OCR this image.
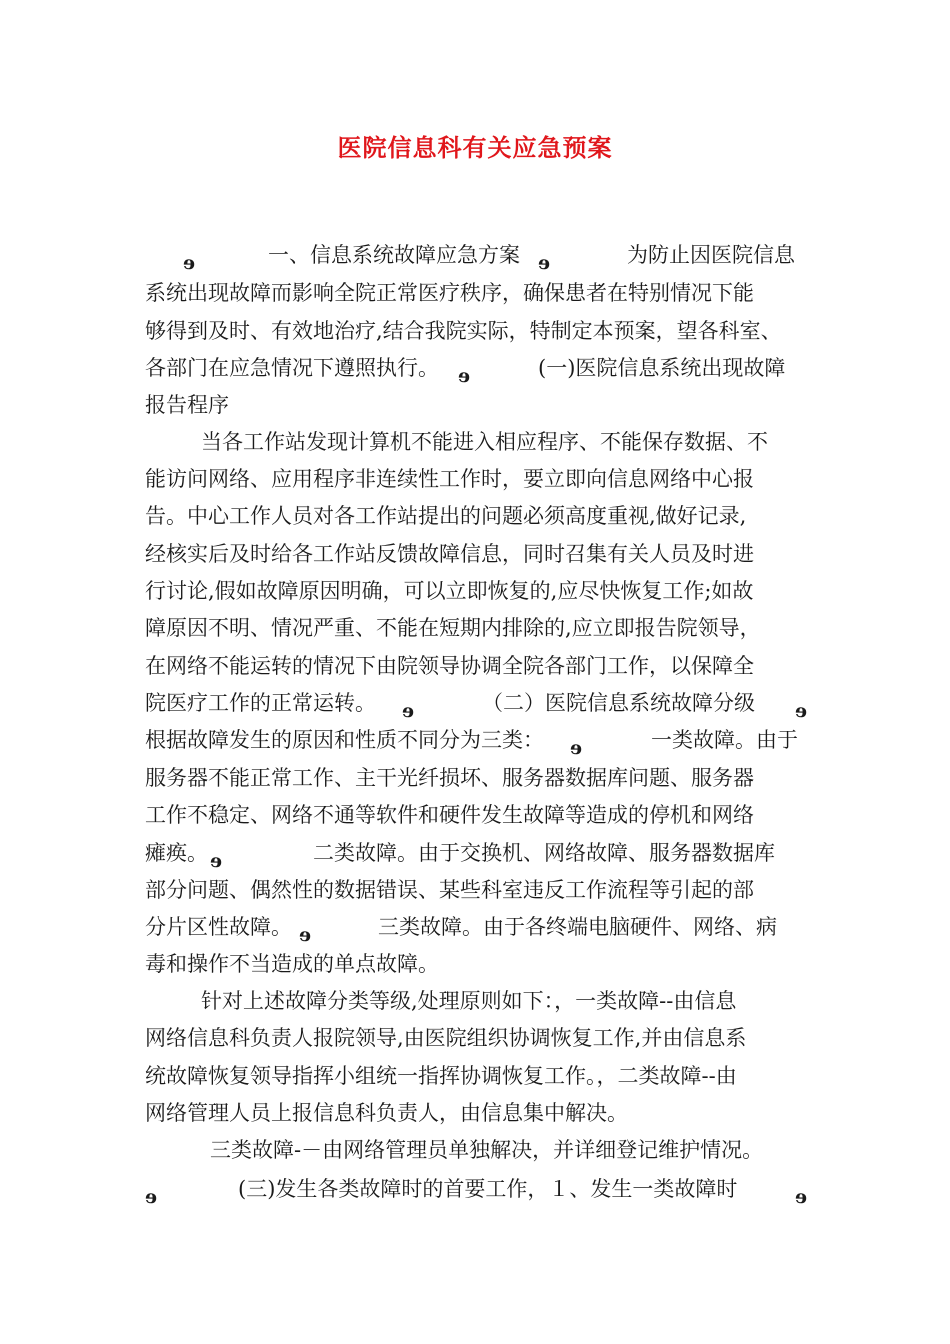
医院信息科有关应急预案
ɘ	一、信息系统故障应急方案 ɘ	为防止因医院信息
系统出现故障而影响全院正常医疗秩序，确保患者在特别情况下能
够得到及时、有效地治疗,结合我院实际，特制定本预案，望各科室、
各部门在应急情况下遵照执行。 ɘ	(一)医院信息系统出现故障
报告程序
当各工作站发现计算机不能进入相应程序、不能保存数据、不
能访问网络、应用程序非连续性工作时，要立即向信息网络中心报
告。中心工作人员对各工作站提出的问题必须高度重视,做好记录,
经核实后及时给各工作站反馈故障信息，同时召集有关人员及时进
行讨论,假如故障原因明确，可以立即恢复的,应尽快恢复工作;如故
障原因不明、情况严重、不能在短期内排除的,应立即报告院领导，
在网络不能运转的情况下由院领导协调全院各部门工作，以保障全
院医疗工作的正常运转。 ɘ	（二）医院信息系统故障分级 ɘ
根据故障发生的原因和性质不同分为三类： ɘ	一类故障。由于
服务器不能正常工作、主干光纤损坏、服务器数据库问题、服务器
工作不稳定、网络不通等软件和硬件发生故障等造成的停机和网络
瘫痪。 ɘ	二类故障。由于交换机、网络故障、服务器数据库
部分问题、偶然性的数据错误、某些科室违反工作流程等引起的部
分片区性故障。 ɘ	三类故障。由于各终端电脑硬件、网络、病
毒和操作不当造成的单点故障。
针对上述故障分类等级,处理原则如下：，一类故障--由信息
网络信息科负责人报院领导,由医院组织协调恢复工作,并由信息系
统故障恢复领导指挥小组统一指挥协调恢复工作。，二类故障--由
网络管理人员上报信息科负责人，由信息集中解决。
三类故障-－由网络管理员单独解决，并详细登记维护情况。
ɘ	(三)发生各类故障时的首要工作，１、发生一类故障时	ɘ
